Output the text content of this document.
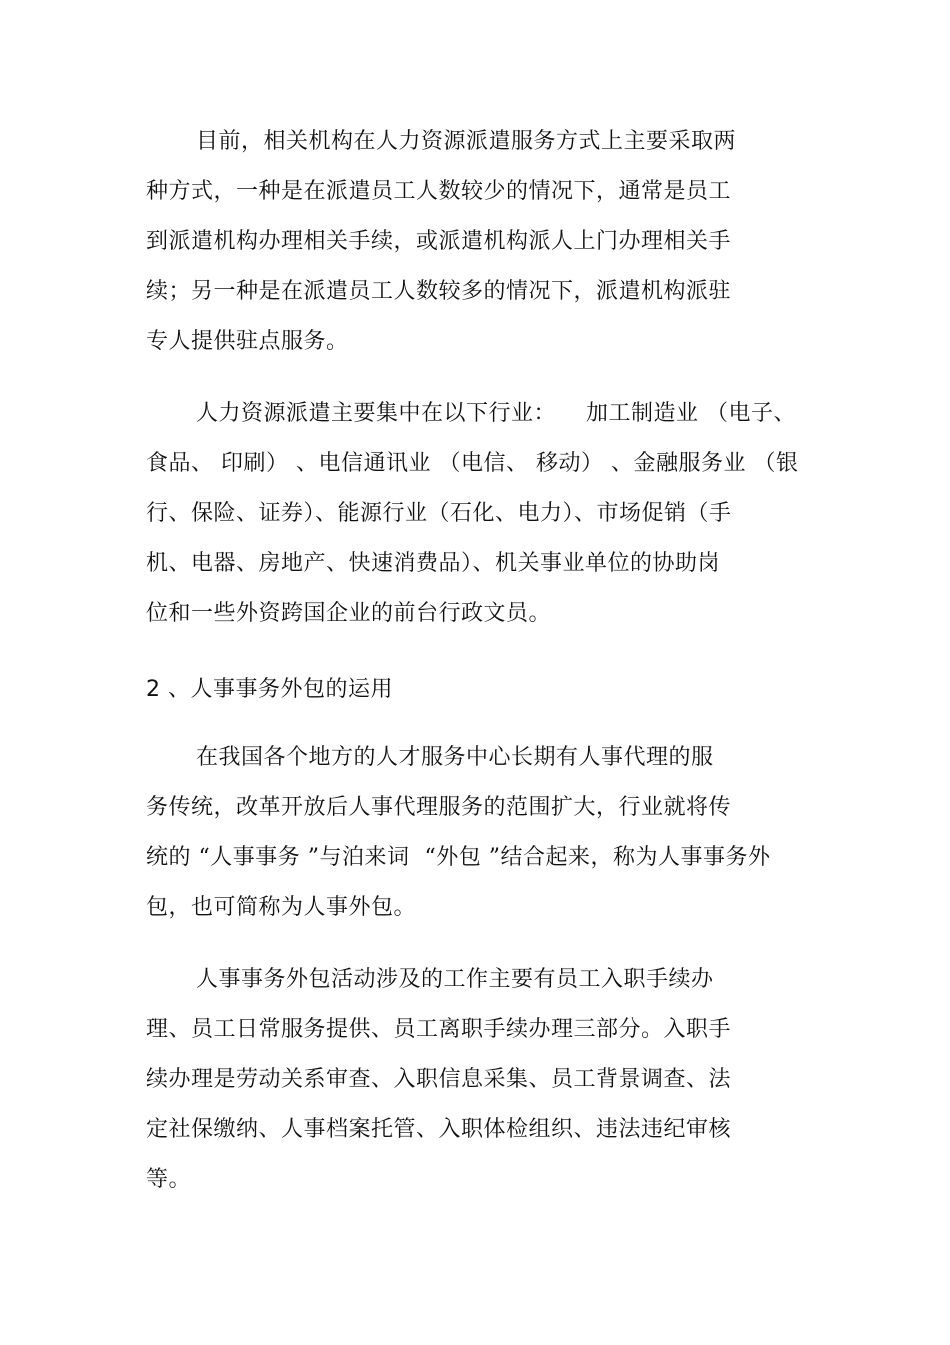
目前，相关机构在人力资源派遣服务方式上主要采取两
种方式，一种是在派遣员工人数较少的情况下，通常是员工
到派遣机构办理相关手续，或派遣机构派人上门办理相关手
续；另一种是在派遣员工人数较多的情况下，派遣机构派驻
专人提供驻点服务。
人力资源派遣主要集中在以下行业：    加工制造业 （电子、
食品、 印刷） 、电信通讯业 （电信、 移动） 、金融服务业 （银
行、保险、证券）、能源行业（石化、电力）、市场促销（手
机、电器、房地产、快速消费品）、机关事业单位的协助岗
位和一些外资跨国企业的前台行政文员。
2 、人事事务外包的运用
在我国各个地方的人才服务中心长期有人事代理的服
务传统，改革开放后人事代理服务的范围扩大，行业就将传
统的 “人事事务 ”与泊来词  “外包 ”结合起来，称为人事事务外
包，也可简称为人事外包。
人事事务外包活动涉及的工作主要有员工入职手续办
理、员工日常服务提供、员工离职手续办理三部分。入职手
续办理是劳动关系审查、入职信息采集、员工背景调查、法
定社保缴纳、人事档案托管、入职体检组织、违法违纪审核
等。
